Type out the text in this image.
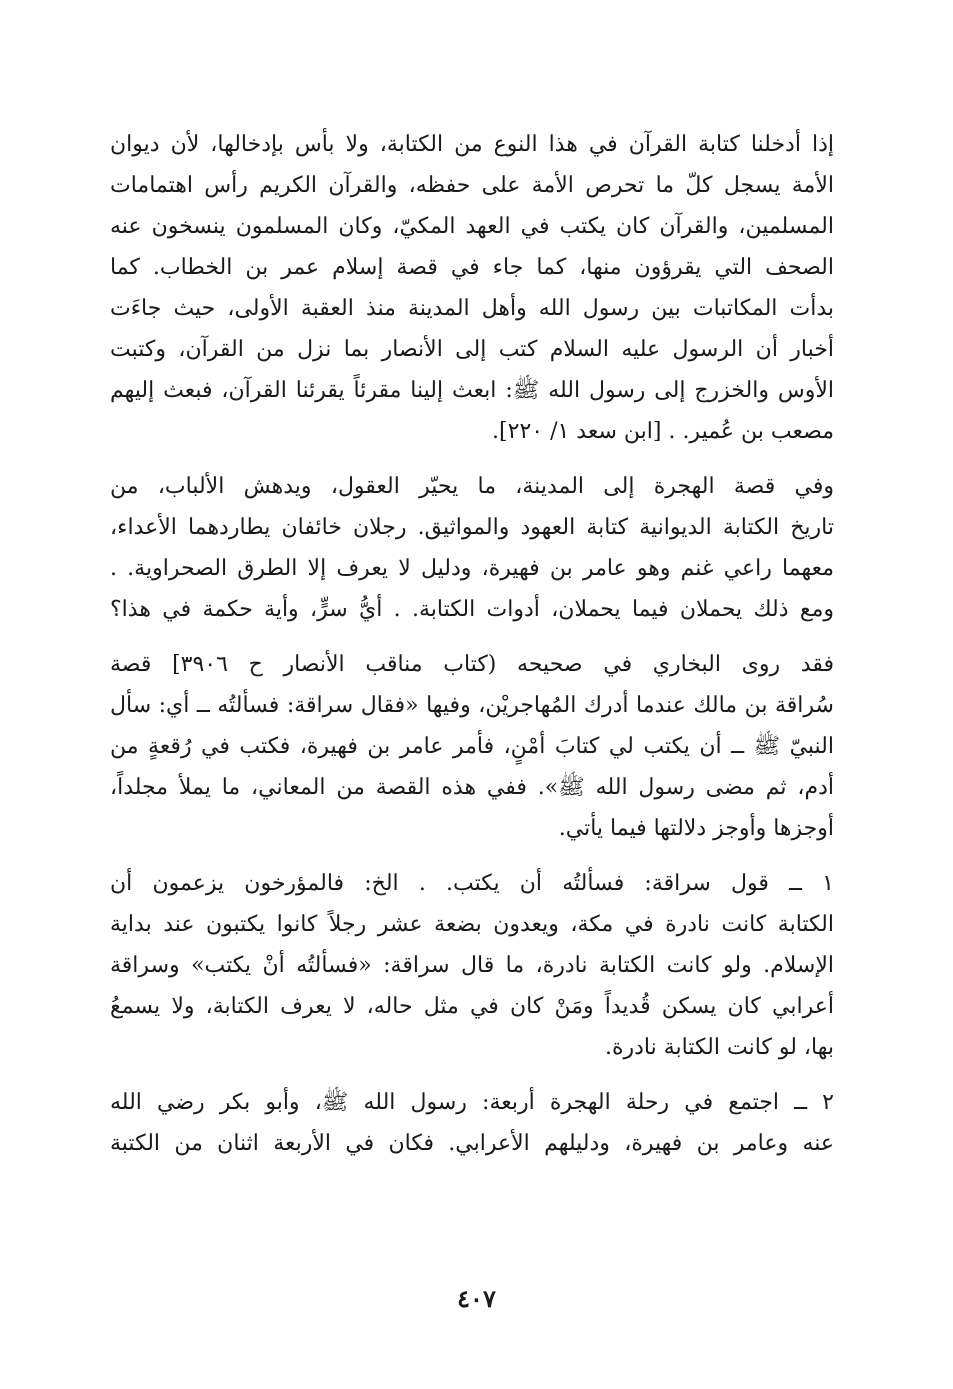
إذا أدخلنا كتابة القرآن في هذا النوع من الكتابة، ولا بأس بإدخالها، لأن ديوان
الأمة يسجل كلّ ما تحرص الأمة على حفظه، والقرآن الكريم رأس اهتمامات
المسلمين، والقرآن كان يكتب في العهد المكيّ، وكان المسلمون ينسخون عنه
الصحف التي يقرؤون منها، كما جاء في قصة إسلام عمر بن الخطاب. كما
بدأت المكاتبات بين رسول الله وأهل المدينة منذ العقبة الأولى، حيث جاءَت
أخبار أن الرسول عليه السلام كتب إلى الأنصار بما نزل من القرآن، وكتبت
الأوس والخزرج إلى رسول الله ﷺ: ابعث إلينا مقرئاً يقرئنا القرآن، فبعث إليهم
مصعب بن عُمير. . [ابن سعد ١/ ٢٢٠].
وفي قصة الهجرة إلى المدينة، ما يحيّر العقول، ويدهش الألباب، من
تاريخ الكتابة الديوانية كتابة العهود والمواثيق. رجلان خائفان يطاردهما الأعداء،
معهما راعي غنم وهو عامر بن فهيرة، ودليل لا يعرف إلا الطرق الصحراوية. .
ومع ذلك يحملان فيما يحملان، أدوات الكتابة. . أيُّ سرٍّ، وأية حكمة في هذا؟
فقد روى البخاري في صحيحه (كتاب مناقب الأنصار ح ٣٩٠٦] قصة
سُراقة بن مالك عندما أدرك المُهاجريْن، وفيها «فقال سراقة: فسألتُه ــ أي: سأل
النبيّ ﷺ ــ أن يكتب لي كتابَ أمْنٍ، فأمر عامر بن فهيرة، فكتب في رُقعةٍ من
أدم، ثم مضى رسول الله ﷺ». ففي هذه القصة من المعاني، ما يملأ مجلداً،
أوجزها وأوجز دلالتها فيما يأتي.
١ ــ قول سراقة: فسألتُه أن يكتب. . الخ: فالمؤرخون يزعمون أن
الكتابة كانت نادرة في مكة، ويعدون بضعة عشر رجلاً كانوا يكتبون عند بداية
الإسلام. ولو كانت الكتابة نادرة، ما قال سراقة: «فسألتُه أنْ يكتب» وسراقة
أعرابي كان يسكن قُديداً ومَنْ كان في مثل حاله، لا يعرف الكتابة، ولا يسمعُ
بها، لو كانت الكتابة نادرة.
٢ ــ اجتمع في رحلة الهجرة أربعة: رسول الله ﷺ، وأبو بكر رضي الله
عنه وعامر بن فهيرة، ودليلهم الأعرابي. فكان في الأربعة اثنان من الكتبة
٤٠٧
